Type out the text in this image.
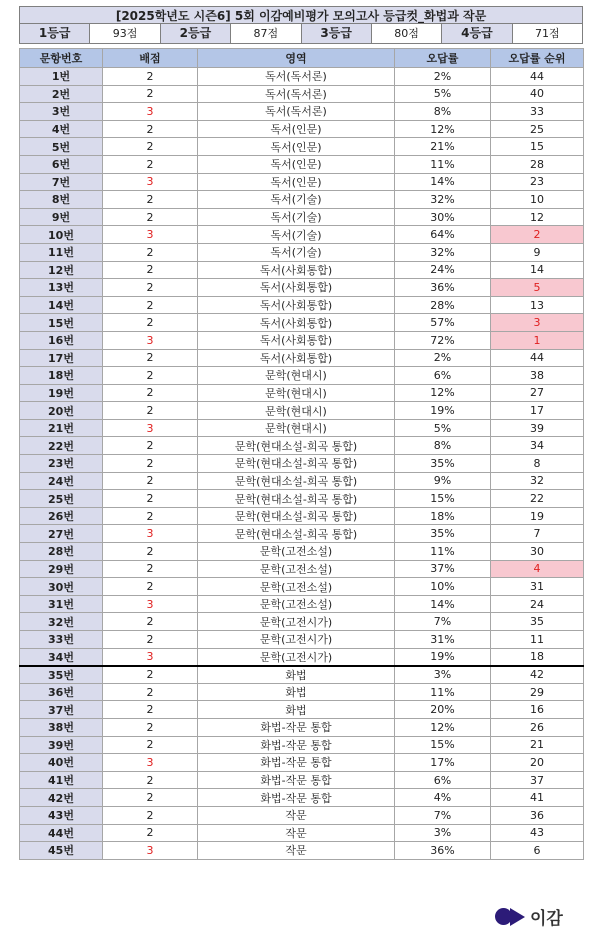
[2025학년도 시즌6] 5회 이감예비평가 모의고사 등급컷_화법과 작문
1등급	93점	2등급	87점	3등급	80점	4등급	71점
문항번호	배점	영역	오답률	오답률 순위
1번	2	독서(독서론)	2%	44
2번	2	독서(독서론)	5%	40
3번	3	독서(독서론)	8%	33
4번	2	독서(인문)	12%	25
5번	2	독서(인문)	21%	15
6번	2	독서(인문)	11%	28
7번	3	독서(인문)	14%	23
8번	2	독서(기술)	32%	10
9번	2	독서(기술)	30%	12
10번	3	독서(기술)	64%	2
11번	2	독서(기술)	32%	9
12번	2	독서(사회통합)	24%	14
13번	2	독서(사회통합)	36%	5
14번	2	독서(사회통합)	28%	13
15번	2	독서(사회통합)	57%	3
16번	3	독서(사회통합)	72%	1
17번	2	독서(사회통합)	2%	44
18번	2	문학(현대시)	6%	38
19번	2	문학(현대시)	12%	27
20번	2	문학(현대시)	19%	17
21번	3	문학(현대시)	5%	39
22번	2	문학(현대소설-희곡 통합)	8%	34
23번	2	문학(현대소설-희곡 통합)	35%	8
24번	2	문학(현대소설-희곡 통합)	9%	32
25번	2	문학(현대소설-희곡 통합)	15%	22
26번	2	문학(현대소설-희곡 통합)	18%	19
27번	3	문학(현대소설-희곡 통합)	35%	7
28번	2	문학(고전소설)	11%	30
29번	2	문학(고전소설)	37%	4
30번	2	문학(고전소설)	10%	31
31번	3	문학(고전소설)	14%	24
32번	2	문학(고전시가)	7%	35
33번	2	문학(고전시가)	31%	11
34번	3	문학(고전시가)	19%	18
35번	2	화법	3%	42
36번	2	화법	11%	29
37번	2	화법	20%	16
38번	2	화법-작문 통합	12%	26
39번	2	화법-작문 통합	15%	21
40번	3	화법-작문 통합	17%	20
41번	2	화법-작문 통합	6%	37
42번	2	화법-작문 통합	4%	41
43번	2	작문	7%	36
44번	2	작문	3%	43
45번	3	작문	36%	6
이감
